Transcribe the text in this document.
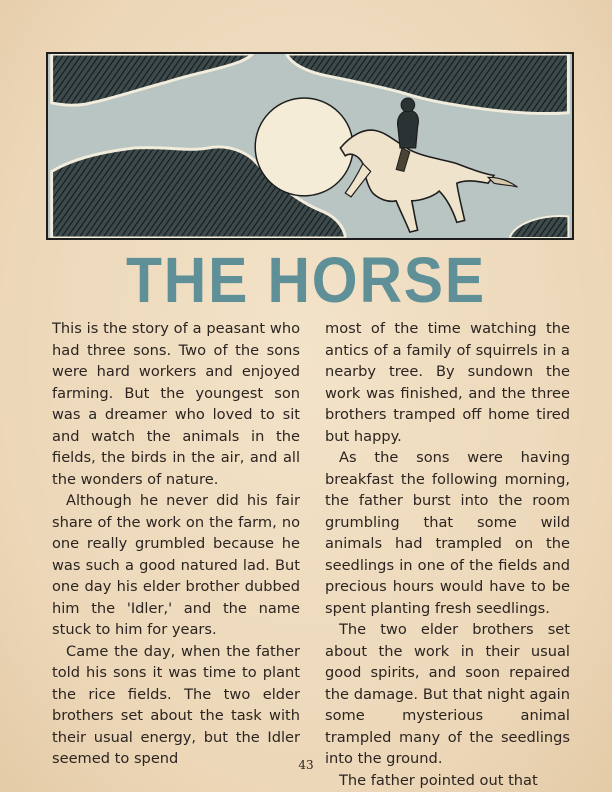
THE HORSE

This is the story of a peasant who had three sons. Two of the sons were hard workers and enjoyed farming. But the youngest son was a dreamer who loved to sit and watch the animals in the fields, the birds in the air, and all the wonders of nature.

Although he never did his fair share of the work on the farm, no one really grumbled because he was such a good natured lad. But one day his elder brother dubbed him the 'Idler,' and the name stuck to him for years.

Came the day, when the father told his sons it was time to plant the rice fields. The two elder brothers set about the task with their usual energy, but the Idler seemed to spend

most of the time watching the antics of a family of squirrels in a nearby tree. By sundown the work was finished, and the three brothers tramped off home tired but happy.

As the sons were having breakfast the following morning, the father burst into the room grumbling that some wild animals had trampled on the seedlings in one of the fields and precious hours would have to be spent planting fresh seedlings.

The two elder brothers set about the work in their usual good spirits, and soon repaired the damage. But that night again some mysterious animal trampled many of the seedlings into the ground.

The father pointed out that

43
